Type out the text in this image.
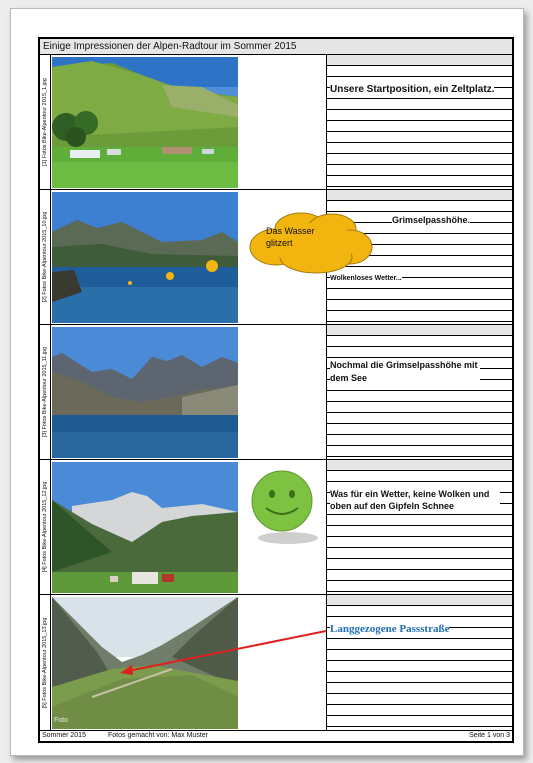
Einige Impressionen der Alpen-Radtour im Sommer 2015
[1] Fotos Bike-Alpentour 2015_1.jpg	Unsere Startposition, ein Zeltplatz.
[2] Fotos Bike-Alpentour 2015_10.jpg	Grimselpasshöhe.
Wolkenloses Wetter...
Das Wasser glitzert
[3] Fotos Bike-Alpentour 2015_11.jpg	Nochmal die Grimselpasshöhe mit dem See
[4] Fotos Bike-Alpentour 2015_12.jpg	Was für ein Wetter, keine Wolken und oben auf den Gipfeln Schnee
[5] Fotos Bike-Alpentour 2015_13.jpg
Foto
Langgezogene Passstraße
Sommer 2015	Fotos gemacht von: Max Muster	Seite 1 von 3
